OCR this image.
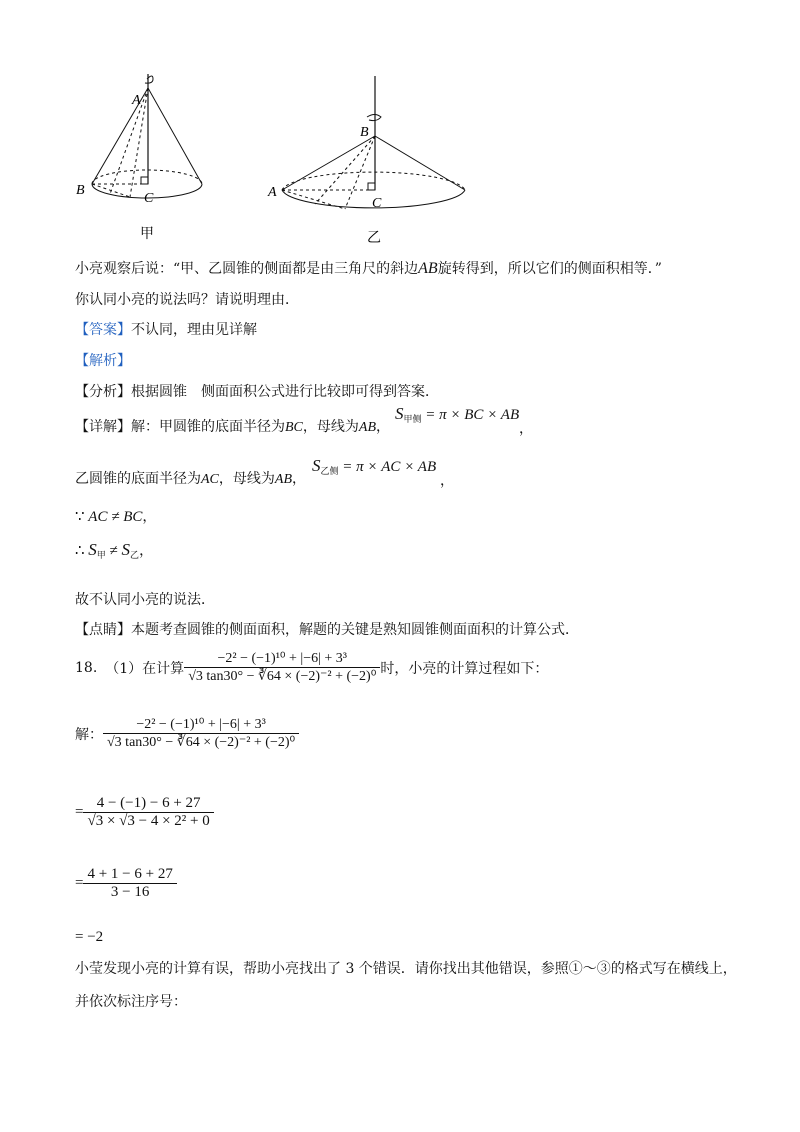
A
B
C
甲
B
A
C
乙
小亮观察后说：“甲、乙圆锥的侧面都是由三角尺的斜边AB旋转得到，所以它们的侧面积相等．”
你认同小亮的说法吗？请说明理由．
【答案】不认同，理由见详解
【解析】
【分析】根据圆锥　侧面面积公式进行比较即可得到答案．
【详解】解：甲圆锥的底面半径为BC，母线为AB，
$S_{甲侧} = \pi$ × BC × AB
，
乙圆锥的底面半径为AC，母线为AB，
$S_{乙侧} = \pi$ × AC × AB
，
∵ AC ≠ BC，
∴ $S_甲 \ne S_乙$，
故不认同小亮的说法．
【点睛】本题考查圆锥的侧面面积，解题的关键是熟知圆锥侧面面积的计算公式．
18. （1）在计算 $\frac{\text{−2² − (−1)¹⁰ + |−6| + 3³}}{\text{√3 tan30° − ∛64 × (−2)⁻² + (−2)⁰}}$ 时，小亮的计算过程如下：
解： $\frac{\text{−2² − (−1)¹⁰ + |−6| + 3³}}{\text{√3 tan30° − ∛64 × (−2)⁻² + (−2)⁰}}$
= $\frac{4 - (-1) - 6 + 27}{\text{√3 × √3 − 4 × 2² + 0}}$
= $\frac{4 + 1 - 6 + 27}{3 - 16}$
= −2
小莹发现小亮的计算有误，帮助小亮找出了 3 个错误．请你找出其他错误，参照①～③的格式写在横线上，
并依次标注序号：
